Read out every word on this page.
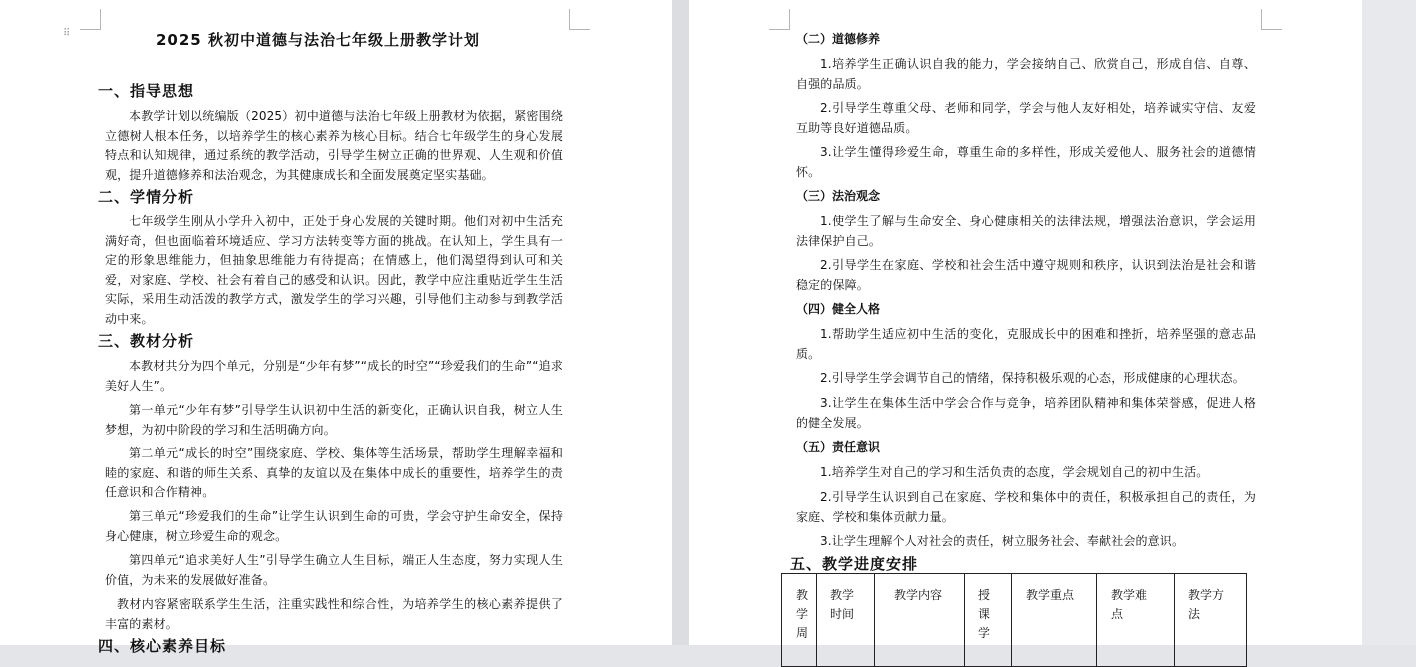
⠿	2025 秋初中道德与法治七年级上册教学计划
一、指导思想

本教学计划以统编版（2025）初中道德与法治七年级上册教材为依据，紧密围绕立德树人根本任务，以培养学生的核心素养为核心目标。结合七年级学生的身心发展特点和认知规律，通过系统的教学活动，引导学生树立正确的世界观、人生观和价值观，提升道德修养和法治观念，为其健康成长和全面发展奠定坚实基础。

二、学情分析

七年级学生刚从小学升入初中，正处于身心发展的关键时期。他们对初中生活充满好奇，但也面临着环境适应、学习方法转变等方面的挑战。在认知上，学生具有一定的形象思维能力，但抽象思维能力有待提高；在情感上，他们渴望得到认可和关爱，对家庭、学校、社会有着自己的感受和认识。因此，教学中应注重贴近学生生活实际，采用生动活泼的教学方式，激发学生的学习兴趣，引导他们主动参与到教学活动中来。

三、教材分析

本教材共分为四个单元，分别是“少年有梦”“成长的时空”“珍爱我们的生命”“追求美好人生”。

第一单元“少年有梦”引导学生认识初中生活的新变化，正确认识自我，树立人生梦想，为初中阶段的学习和生活明确方向。

第二单元“成长的时空”围绕家庭、学校、集体等生活场景，帮助学生理解幸福和睦的家庭、和谐的师生关系、真挚的友谊以及在集体中成长的重要性，培养学生的责任意识和合作精神。

第三单元“珍爱我们的生命”让学生认识到生命的可贵，学会守护生命安全，保持身心健康，树立珍爱生命的观念。

第四单元“追求美好人生”引导学生确立人生目标，端正人生态度，努力实现人生价值，为未来的发展做好准备。

教材内容紧密联系学生生活，注重实践性和综合性，为培养学生的核心素养提供了丰富的素材。

四、核心素养目标
（二）道德修养

1.培养学生正确认识自我的能力，学会接纳自己、欣赏自己，形成自信、自尊、自强的品质。

2.引导学生尊重父母、老师和同学，学会与他人友好相处，培养诚实守信、友爱互助等良好道德品质。

3.让学生懂得珍爱生命，尊重生命的多样性，形成关爱他人、服务社会的道德情怀。

（三）法治观念

1.使学生了解与生命安全、身心健康相关的法律法规，增强法治意识，学会运用法律保护自己。

2.引导学生在家庭、学校和社会生活中遵守规则和秩序，认识到法治是社会和谐稳定的保障。

（四）健全人格

1.帮助学生适应初中生活的变化，克服成长中的困难和挫折，培养坚强的意志品质。

2.引导学生学会调节自己的情绪，保持积极乐观的心态，形成健康的心理状态。

3.让学生在集体生活中学会合作与竞争，培养团队精神和集体荣誉感，促进人格的健全发展。

（五）责任意识

1.培养学生对自己的学习和生活负责的态度，学会规划自己的初中生活。

2.引导学生认识到自己在家庭、学校和集体中的责任，积极承担自己的责任，为家庭、学校和集体贡献力量。

3.让学生理解个人对社会的责任，树立服务社会、奉献社会的意识。

五、教学进度安排
教学周	教学时间	教学内容	授课学	教学重点	教学难点	教学方法
